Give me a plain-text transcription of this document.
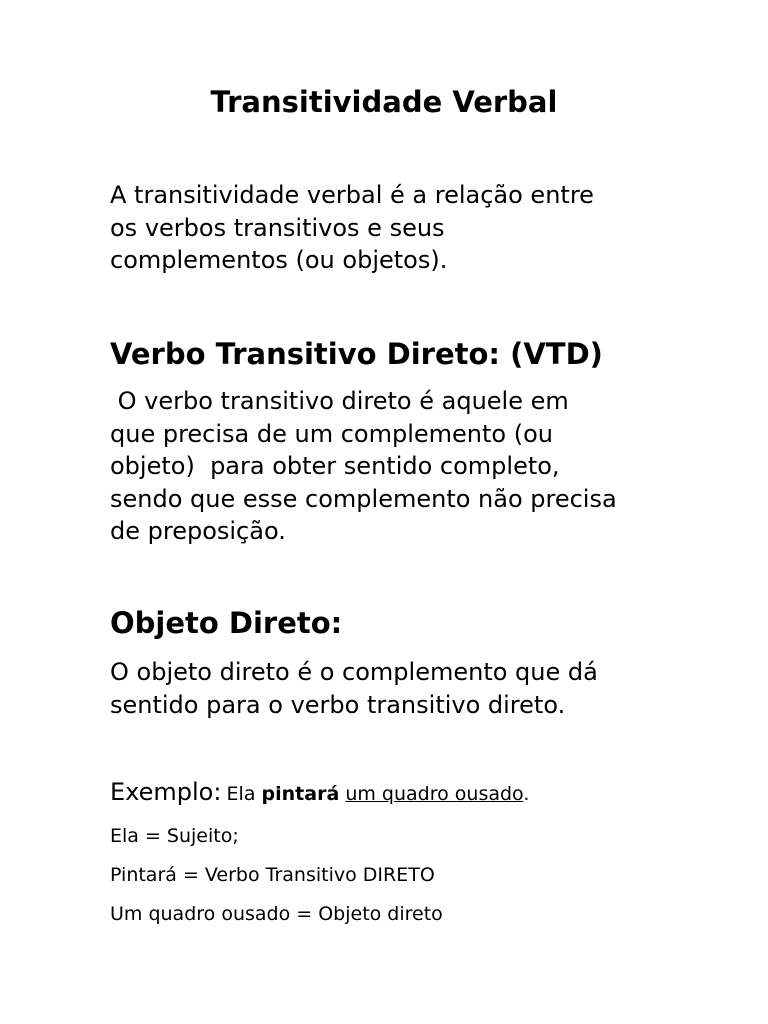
Transitividade Verbal

A transitividade verbal é a relação entre
os verbos transitivos e seus
complementos (ou objetos).

Verbo Transitivo Direto: (VTD)

O verbo transitivo direto é aquele em
que precisa de um complemento (ou
objeto)  para obter sentido completo,
sendo que esse complemento não precisa
de preposição.

Objeto Direto:

O objeto direto é o complemento que dá
sentido para o verbo transitivo direto.

Exemplo: Ela pintará um quadro ousado.

Ela = Sujeito;

Pintará = Verbo Transitivo DIRETO

Um quadro ousado = Objeto direto
